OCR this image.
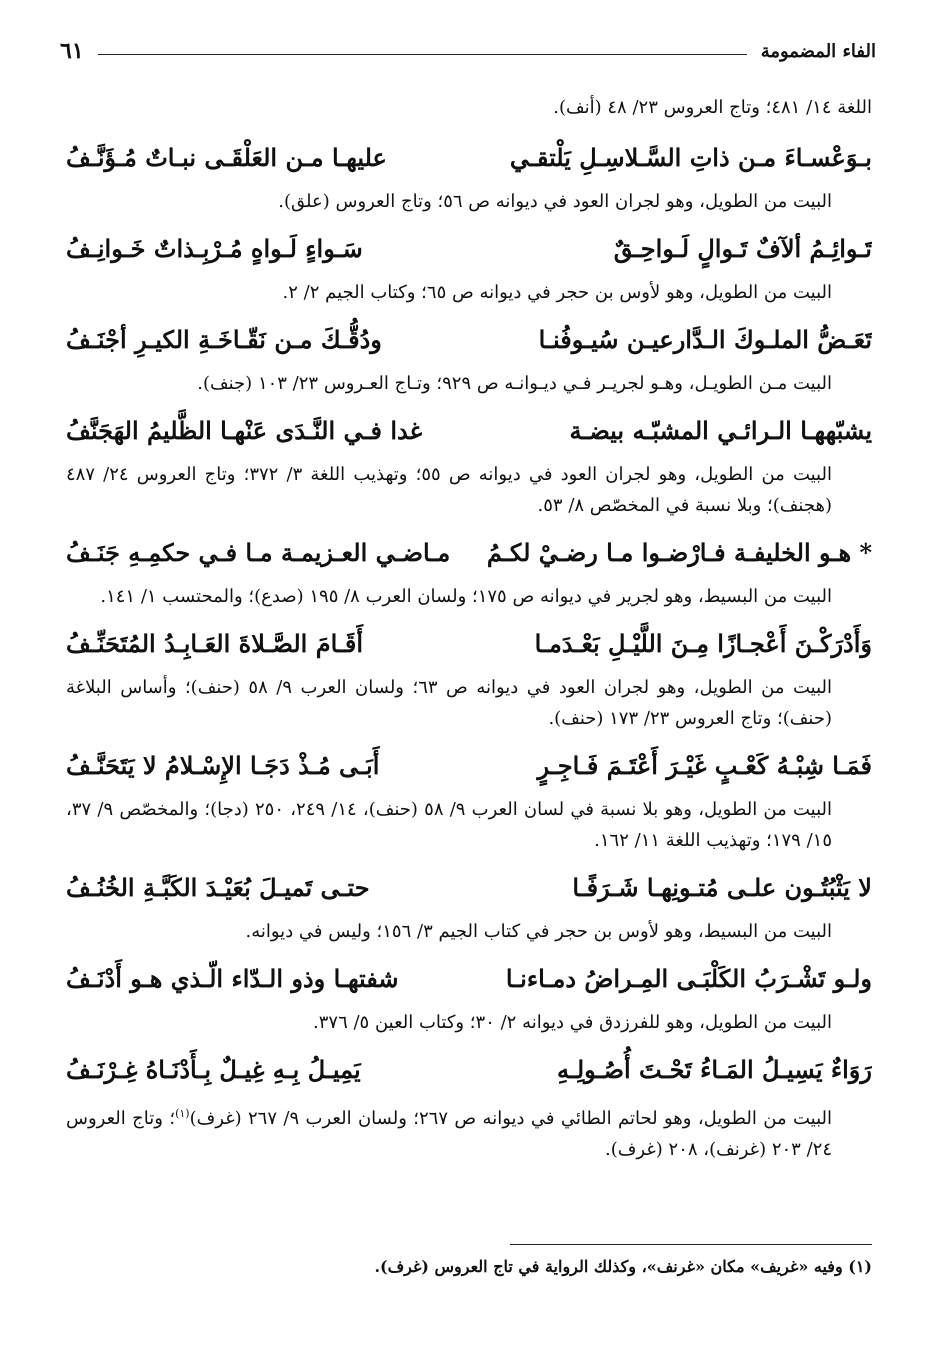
الفاء المضمومة
٦١

اللغة ١٤/ ٤٨١؛ وتاج العروس ٢٣/ ٤٨ (أنف).

بـوَعْسـاءَ مـن ذاتِ السَّـلاسِـلِ يَلْتقـي
عليهـا مـن العَلْقَـى نبـاتٌ مُـؤَنَّـفُ

البيت من الطويل، وهو لجران العود في ديوانه ص ٥٦؛ وتاج العروس (علق).

تَـوائِـمُ ألآفٌ تَـوالٍ لَـواحِـقٌ
سَـواءٍ لَـواهٍ مُـرْبِـذاتٌ خَـوانِـفُ

البيت من الطويل، وهو لأوس بن حجر في ديوانه ص ٦٥؛ وكتاب الجيم ٢/ ٢.

تَعَـضُّ الملـوكَ الـدَّارعيـن سُيـوفُنـا
ودُقُّـكَ مـن نَقّـاخَـةِ الكيـرِ أجْنَـفُ

البيت مـن الطويـل، وهـو لجريـر فـي ديـوانـه ص ٩٢٩؛ وتـاج العـروس ٢٣/ ١٠٣ (جنف).

يشبّههـا الـرائـي المشبّـه بيضـة
غدا فـي النَّـدَى عَنْهـا الظَّليمُ الهَجَنَّفُ

البيت من الطويل، وهو لجران العود في ديوانه ص ٥٥؛ وتهذيب اللغة ٣/ ٣٧٢؛ وتاج العروس ٢٤/ ٤٨٧ (هجنف)؛ وبلا نسبة في المخصّص ٨/ ٥٣.

* هـو الخليفـة فـارْضـوا مـا رضـيْ لكـمُ
مـاضـي العـزيمـة مـا فـي حكمِـهِ جَنَـفُ

البيت من البسيط، وهو لجرير في ديوانه ص ١٧٥؛ ولسان العرب ٨/ ١٩٥ (صدع)؛ والمحتسب ١/ ١٤١.

وَأَدْرَكْـنَ أَعْجـازًا مِـنَ اللَّيْـلِ بَعْـدَمـا
أَقَـامَ الصَّـلاةَ العَـابِـدُ المُتَحَنِّـفُ

البيت من الطويل، وهو لجران العود في ديوانه ص ٦٣؛ ولسان العرب ٩/ ٥٨ (حنف)؛ وأساس البلاغة (حنف)؛ وتاج العروس ٢٣/ ١٧٣ (حنف).

فَمَـا شِبْـهُ كَعْـبٍ غَيْـرَ أَعْتَـمَ فَـاجِـرٍ
أَبَـى مُـذْ دَجَـا الإِسْـلامُ لا يَتَحَنَّـفُ

البيت من الطويل، وهو بلا نسبة في لسان العرب ٩/ ٥٨ (حنف)، ١٤/ ٢٤٩، ٢٥٠ (دجا)؛ والمخصّص ٩/ ٣٧، ١٥/ ١٧٩؛ وتهذيب اللغة ١١/ ١٦٢.

لا يَثْبُتُـون علـى مُتـونِهـا شَـرَفًـا
حتـى تَميـلَ بُعَيْـدَ الكَبَّـةِ الخُنُـفُ

البيت من البسيط، وهو لأوس بن حجر في كتاب الجيم ٣/ ١٥٦؛ وليس في ديوانه.

ولـو تَشْـرَبُ الكَلْبَـى المِـراضُ دمـاءنـا
شفتهـا وذو الـدّاء الّـذي هـو أَدْنَـفُ

البيت من الطويل، وهو للفرزدق في ديوانه ٢/ ٣٠؛ وكتاب العين ٥/ ٣٧٦.

رَوَاءٌ يَسِيـلُ المَـاءُ تَحْـتَ أُصُـولِـهِ
يَمِيـلُ بِـهِ غِيـلٌ بِـأَدْنَـاهُ غِـرْنَـفُ

البيت من الطويل، وهو لحاتم الطائي في ديوانه ص ٢٦٧؛ ولسان العرب ٩/ ٢٦٧ (غرف)$^{(١)}$؛ وتاج العروس ٢٤/ ٢٠٣ (غرنف)، ٢٠٨ (غرف).

(١) وفيه «غريف» مكان «غرنف»، وكذلك الرواية في تاج العروس (غرف).
